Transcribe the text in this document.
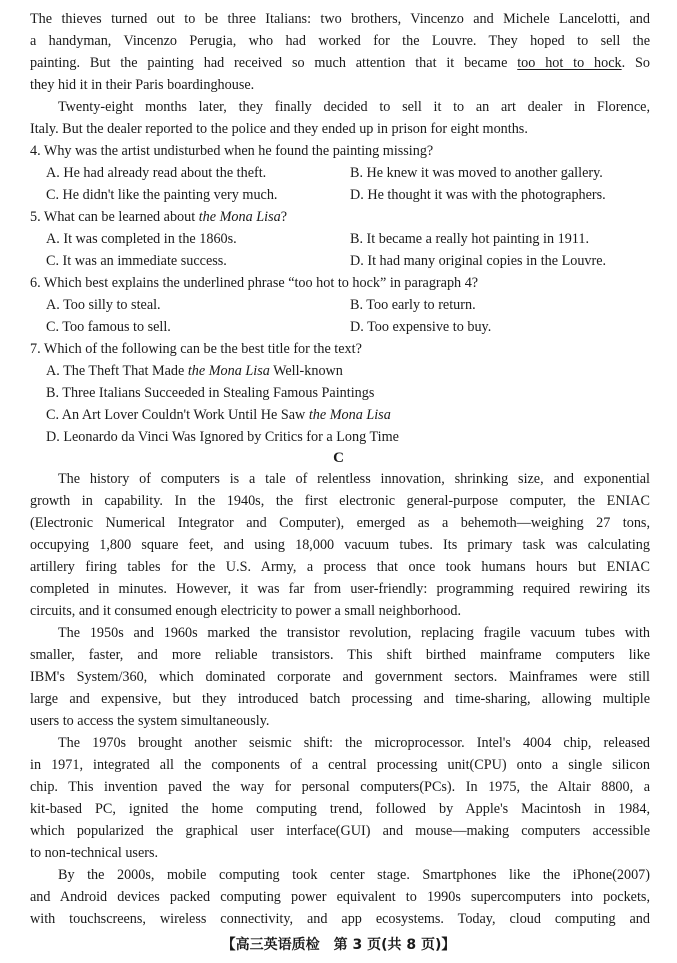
The thieves turned out to be three Italians: two brothers, Vincenzo and Michele Lancelotti, and
a handyman, Vincenzo Perugia, who had worked for the Louvre. They hoped to sell the
painting. But the painting had received so much attention that it became too hot to hock. So
they hid it in their Paris boardinghouse.
Twenty-eight months later, they finally decided to sell it to an art dealer in Florence,
Italy. But the dealer reported to the police and they ended up in prison for eight months.
4. Why was the artist undisturbed when he found the painting missing?
A. He had already read about the theft.	B. He knew it was moved to another gallery.
C. He didn't like the painting very much.	D. He thought it was with the photographers.
5. What can be learned about the Mona Lisa?
A. It was completed in the 1860s.	B. It became a really hot painting in 1911.
C. It was an immediate success.	D. It had many original copies in the Louvre.
6. Which best explains the underlined phrase “too hot to hock” in paragraph 4?
A. Too silly to steal.	B. Too early to return.
C. Too famous to sell.	D. Too expensive to buy.
7. Which of the following can be the best title for the text?
A. The Theft That Made the Mona Lisa Well-known
B. Three Italians Succeeded in Stealing Famous Paintings
C. An Art Lover Couldn't Work Until He Saw the Mona Lisa
D. Leonardo da Vinci Was Ignored by Critics for a Long Time
C
The history of computers is a tale of relentless innovation, shrinking size, and exponential
growth in capability. In the 1940s, the first electronic general-purpose computer, the ENIAC
(Electronic Numerical Integrator and Computer), emerged as a behemoth—weighing 27 tons,
occupying 1,800 square feet, and using 18,000 vacuum tubes. Its primary task was calculating
artillery firing tables for the U.S. Army, a process that once took humans hours but ENIAC
completed in minutes. However, it was far from user-friendly: programming required rewiring its
circuits, and it consumed enough electricity to power a small neighborhood.
The 1950s and 1960s marked the transistor revolution, replacing fragile vacuum tubes with
smaller, faster, and more reliable transistors. This shift birthed mainframe computers like
IBM's System/360, which dominated corporate and government sectors. Mainframes were still
large and expensive, but they introduced batch processing and time-sharing, allowing multiple
users to access the system simultaneously.
The 1970s brought another seismic shift: the microprocessor. Intel's 4004 chip, released
in 1971, integrated all the components of a central processing unit(CPU) onto a single silicon
chip. This invention paved the way for personal computers(PCs). In 1975, the Altair 8800, a
kit-based PC, ignited the home computing trend, followed by Apple's Macintosh in 1984,
which popularized the graphical user interface(GUI) and mouse—making computers accessible
to non-technical users.
By the 2000s, mobile computing took center stage. Smartphones like the iPhone(2007)
and Android devices packed computing power equivalent to 1990s supercomputers into pockets,
with touchscreens, wireless connectivity, and app ecosystems. Today, cloud computing and
【高三英语质检　第 3 页(共 8 页)】
